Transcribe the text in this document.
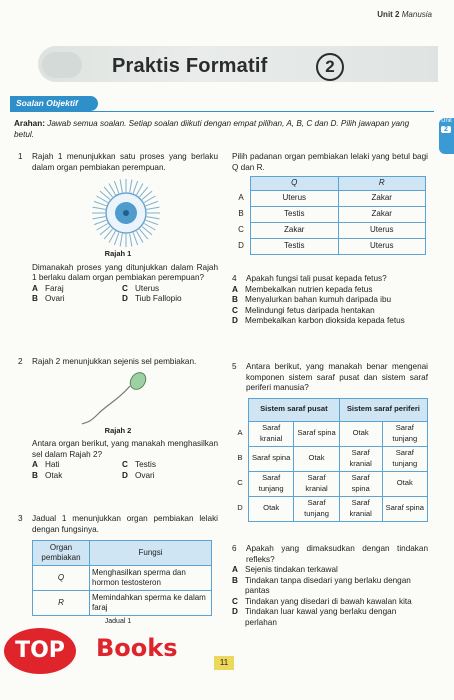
Unit 2 Manusia
Praktis Formatif	2
Soalan Objektif
Unit
2
Arahan: Jawab semua soalan. Setiap soalan diikuti dengan empat pilihan, A, B, C dan D. Pilih jawapan yang betul.
1 Rajah 1 menunjukkan satu proses yang berlaku dalam organ pembiakan perempuan.
Rajah 1
Dimanakah proses yang ditunjukkan dalam Rajah 1 berlaku dalam organ pembiakan perempuan?
A Faraj	C Uterus
B Ovari	D Tiub Fallopio
2 Rajah 2 menunjukkan sejenis sel pembiakan.
Rajah 2
Antara organ berikut, yang manakah menghasilkan sel dalam Rajah 2?
A Hati	C Testis
B Otak	D Ovari
3 Jadual 1 menunjukkan organ pembiakan lelaki dengan fungsinya.
Organ pembiakan	Fungsi
Q	Menghasilkan sperma dan hormon testosteron
R	Memindahkan sperma ke dalam faraj
Jadual 1
Pilih padanan organ pembiakan lelaki yang betul bagi Q dan R.
	Q	R
A	Uterus	Zakar
B	Testis	Zakar
C	Zakar	Uterus
D	Testis	Uterus
4 Apakah fungsi tali pusat kepada fetus?
A Membekalkan nutrien kepada fetus
B Menyalurkan bahan kumuh daripada ibu
C Melindungi fetus daripada hentakan
D Membekalkan karbon dioksida kepada fetus
5 Antara berikut, yang manakah benar mengenai komponen sistem saraf pusat dan sistem saraf periferi manusia?
	Sistem saraf pusat		Sistem saraf periferi	
A	Saraf kranial	Saraf spina	Otak	Saraf tunjang
B	Saraf spina	Otak	Saraf kranial	Saraf tunjang
C	Saraf tunjang	Saraf kranial	Saraf spina	Otak
D	Otak	Saraf tunjang	Saraf kranial	Saraf spina
6 Apakah yang dimaksudkan dengan tindakan refleks?
A Sejenis tindakan terkawal
B Tindakan tanpa disedari yang berlaku dengan pantas
C Tindakan yang disedari di bawah kawalan kita
D Tindakan luar kawal yang berlaku dengan perlahan
11
TOP	Books
